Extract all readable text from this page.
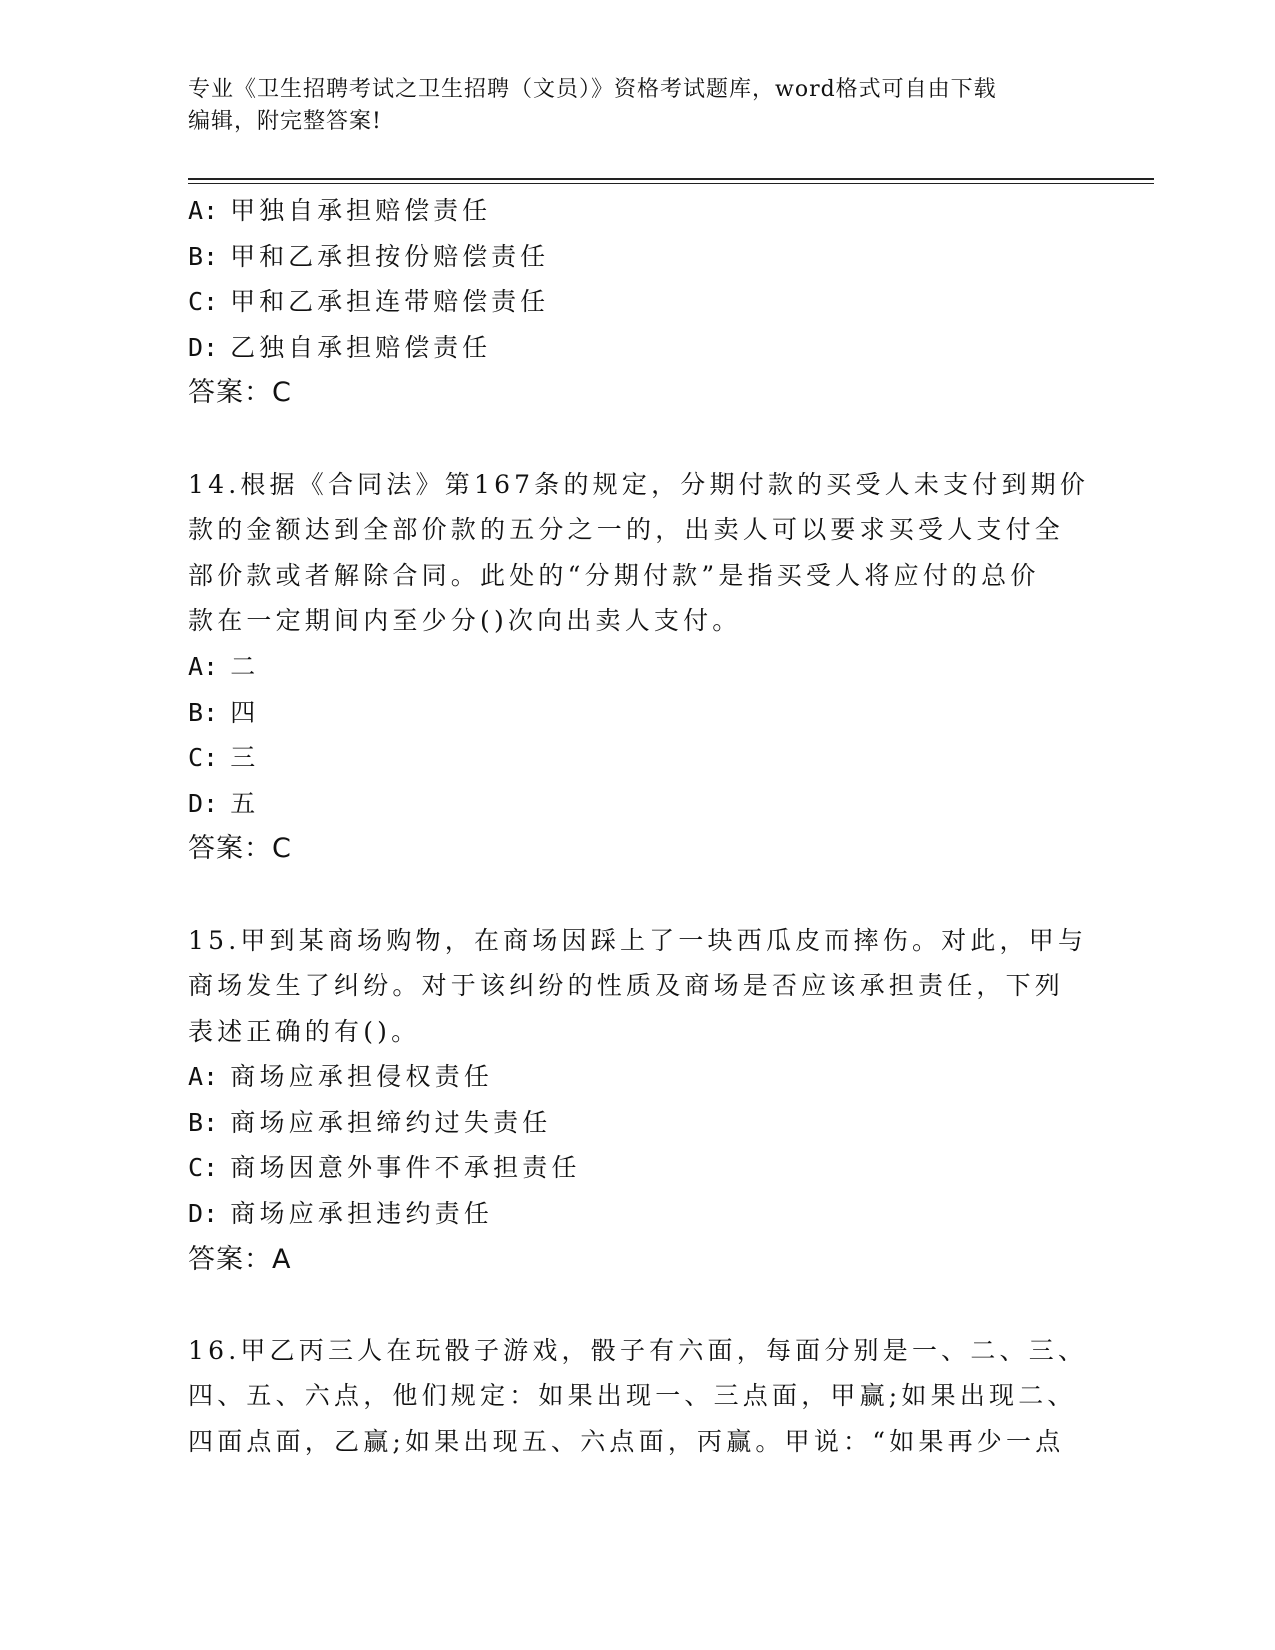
专业《卫生招聘考试之卫生招聘（文员）》资格考试题库，word格式可自由下载
编辑，附完整答案!
A: 甲独自承担赔偿责任
B: 甲和乙承担按份赔偿责任
C: 甲和乙承担连带赔偿责任
D: 乙独自承担赔偿责任
答案：C
14.根据《合同法》第167条的规定，分期付款的买受人未支付到期价
款的金额达到全部价款的五分之一的，出卖人可以要求买受人支付全
部价款或者解除合同。此处的“分期付款”是指买受人将应付的总价
款在一定期间内至少分()次向出卖人支付。
A: 二
B: 四
C: 三
D: 五
答案：C
15.甲到某商场购物，在商场因踩上了一块西瓜皮而摔伤。对此，甲与
商场发生了纠纷。对于该纠纷的性质及商场是否应该承担责任，下列
表述正确的有()。
A: 商场应承担侵权责任
B: 商场应承担缔约过失责任
C: 商场因意外事件不承担责任
D: 商场应承担违约责任
答案：A
16.甲乙丙三人在玩骰子游戏，骰子有六面，每面分别是一、二、三、
四、五、六点，他们规定：如果出现一、三点面，甲赢;如果出现二、
四面点面，乙赢;如果出现五、六点面，丙赢。甲说：“如果再少一点
